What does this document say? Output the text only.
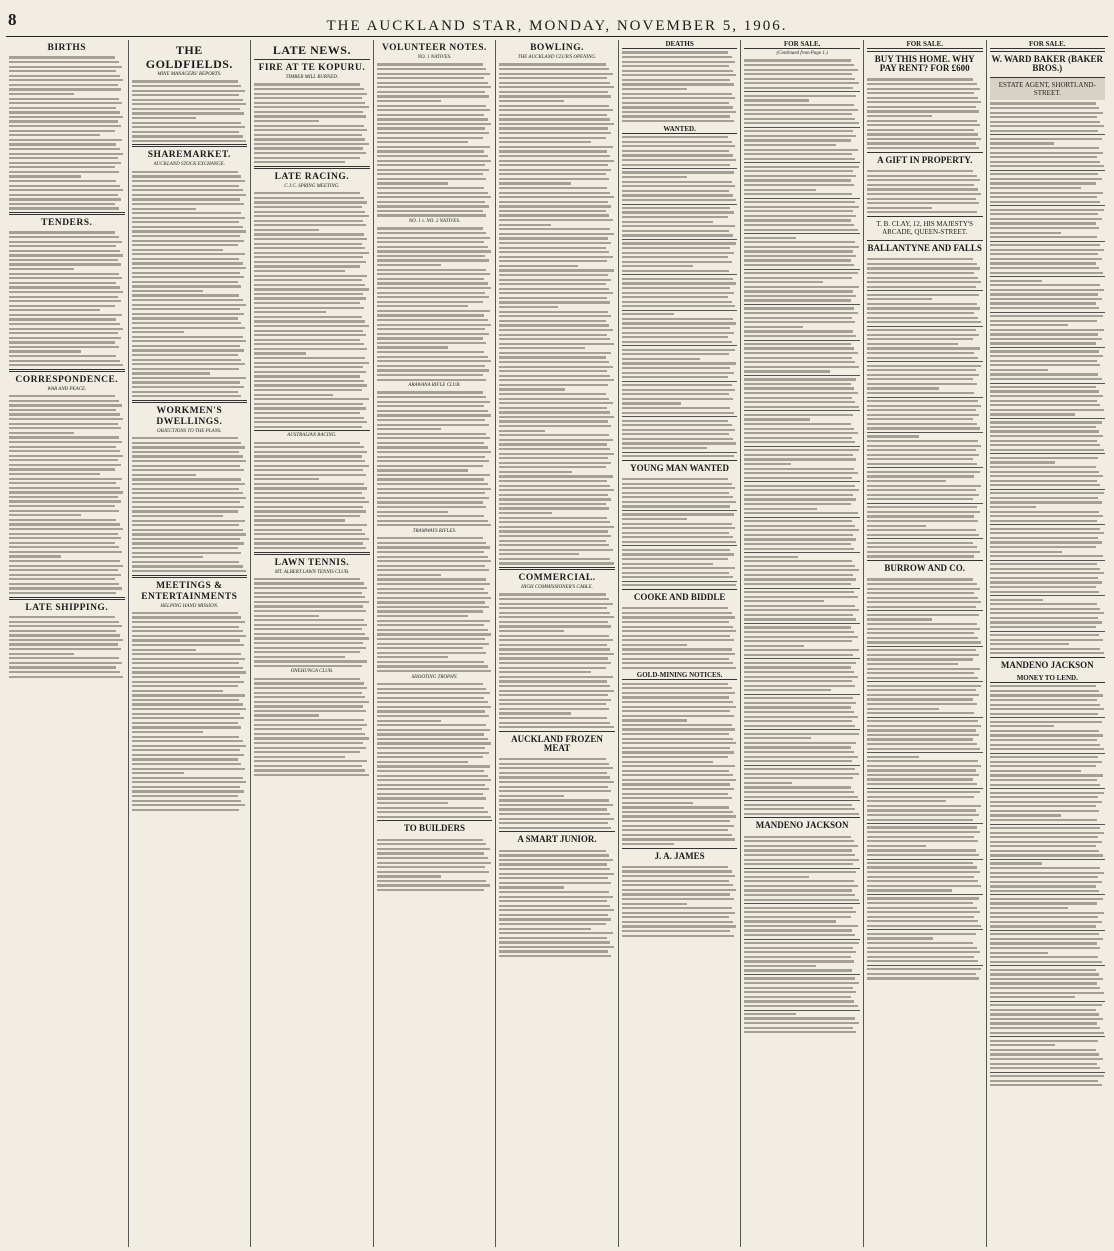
8	THE AUCKLAND STAR, MONDAY, NOVEMBER 5, 1906.
BIRTHS
TENDERS.
CORRESPONDENCE.
WAR AND PEACE.
LATE SHIPPING.
THE GOLDFIELDS.
MINE MANAGERS' REPORTS.
SHAREMARKET.
AUCKLAND STOCK EXCHANGE.
WORKMEN'S DWELLINGS.
OBJECTIONS TO THE PLANS.
MEETINGS & ENTERTAINMENTS
HELPING HAND MISSION.
LATE NEWS.
FIRE AT TE KOPURU.
TIMBER MILL BURNED.
LATE RACING.
C.J.C. SPRING MEETING.
AUSTRALIAN RACING.
LAWN TENNIS.
MT. ALBERT LAWN TENNIS CLUB.
ONEHUNGA CLUB.
VOLUNTEER NOTES.
NO. 1 NATIVES.
NO. 1 v. NO. 2 NATIVES.
ARAWANA RIFLE CLUB.
TRAMWAYS RIFLES.
SHOOTING TROPHY.
TO BUILDERS
BOWLING.
THE AUCKLAND CLUB'S OPENING.
COMMERCIAL.
HIGH COMMISSIONER'S CABLE.
AUCKLAND FROZEN MEAT
A SMART JUNIOR.
DEATHS
WANTED.
YOUNG MAN WANTED
COOKE AND BIDDLE
GOLD-MINING NOTICES.
J. A. JAMES
FOR SALE.
(Continued from Page 1.)
MANDENO JACKSON
FOR SALE.
BUY THIS HOME. WHY PAY RENT? FOR £600
A GIFT IN PROPERTY.
T. B. CLAY, 12, HIS MAJESTY'S ARCADE, QUEEN-STREET.
BALLANTYNE AND FALLS
BURROW AND CO.
FOR SALE.
W. WARD BAKER (BAKER BROS.)
ESTATE AGENT, SHORTLAND-STREET.
MANDENO JACKSON
MONEY TO LEND.
